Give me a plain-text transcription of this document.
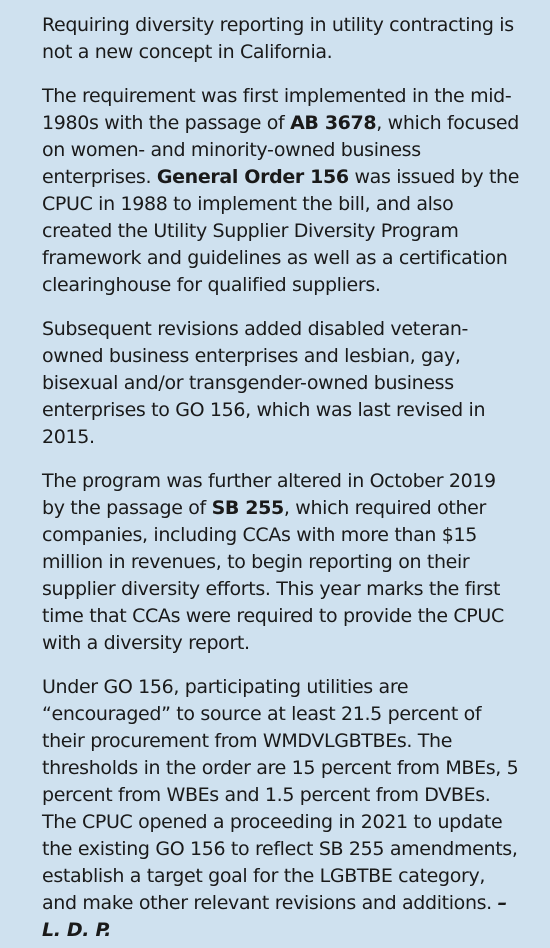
Requiring diversity reporting in utility contracting is not a new concept in California.

The requirement was first implemented in the mid-1980s with the passage of AB 3678, which focused on women- and minority-owned business enterprises. General Order 156 was issued by the CPUC in 1988 to implement the bill, and also created the Utility Supplier Diversity Program framework and guidelines as well as a certification clearinghouse for qualified suppliers.

Subsequent revisions added disabled veteran-owned business enterprises and lesbian, gay, bisexual and/or transgender-owned business enterprises to GO 156, which was last revised in 2015.

The program was further altered in October 2019 by the passage of SB 255, which required other companies, including CCAs with more than $15 million in revenues, to begin reporting on their supplier diversity efforts. This year marks the first time that CCAs were required to provide the CPUC with a diversity report.

Under GO 156, participating utilities are “encouraged” to source at least 21.5 percent of their procurement from WMDVLGBTBEs. The thresholds in the order are 15 percent from MBEs, 5 percent from WBEs and 1.5 percent from DVBEs. The CPUC opened a proceeding in 2021 to update the existing GO 156 to reflect SB 255 amendments, establish a target goal for the LGBTBE category, and make other relevant revisions and additions. –L. D. P.
